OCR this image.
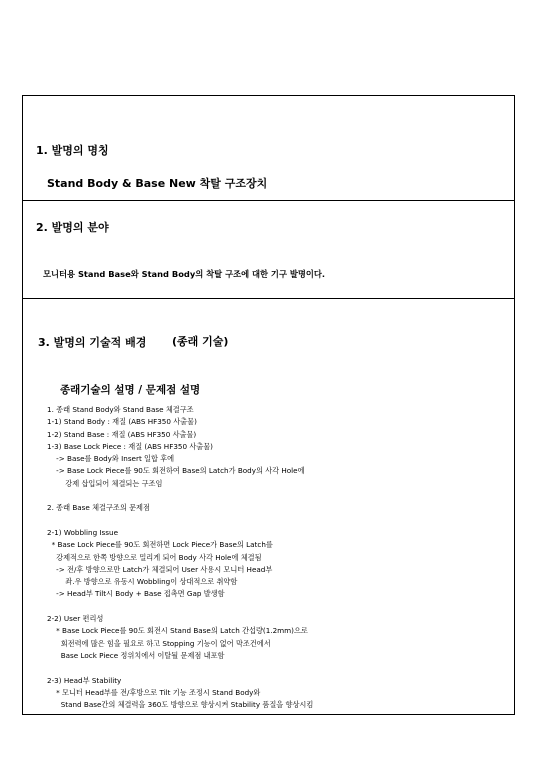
1. 발명의 명칭
Stand Body & Base New 착탈 구조장치
2. 발명의 분야
모니터용 Stand Base와 Stand Body의 착탈 구조에 대한 기구 발명이다.
3. 발명의 기술적 배경 (종래 기술)
종래기술의 설명 / 문제점 설명
1. 종래 Stand Body와 Stand Base 체결구조
1-1) Stand Body : 재질 (ABS HF350 사출물)
1-2) Stand Base : 재질 (ABS HF350 사출물)
1-3) Base Lock Piece : 재질 (ABS HF350 사출물)
-> Base를 Body와 Insert 일합 후에
-> Base Lock Piece를 90도 회전하여 Base의 Latch가 Body의 사각 Hole에
강제 삽입되어 체결되는 구조임

2. 종래 Base 체결구조의 문제점

2-1) Wobbling Issue
* Base Lock Piece를 90도 회전하면 Lock Piece가 Base의 Latch를
강제적으로 한쪽 방향으로 밀리게 되어 Body 사각 Hole에 체결됨
-> 전/후 방향으로만 Latch가 체결되어 User 사용시 모니터 Head부
좌.우 방향으로 유동시 Wobbling이 상대적으로 취약함
-> Head부 Tilt시 Body + Base 접촉면 Gap 발생함

2-2) User 편리성
* Base Lock Piece를 90도 회전시 Stand Base의 Latch 간섭량(1.2mm)으로
회전력에 많은 힘을 필요로 하고 Stopping 기능이 없어 막조건에서
Base Lock Piece 정위치에서 이탈될 문제점 내포함

2-3) Head부 Stability
* 모니터 Head부를 전/후방으로 Tilt 기능 조정시 Stand Body와
Stand Base간의 체결력을 360도 방향으로 향상시켜 Stability 품질을 향상시킴
